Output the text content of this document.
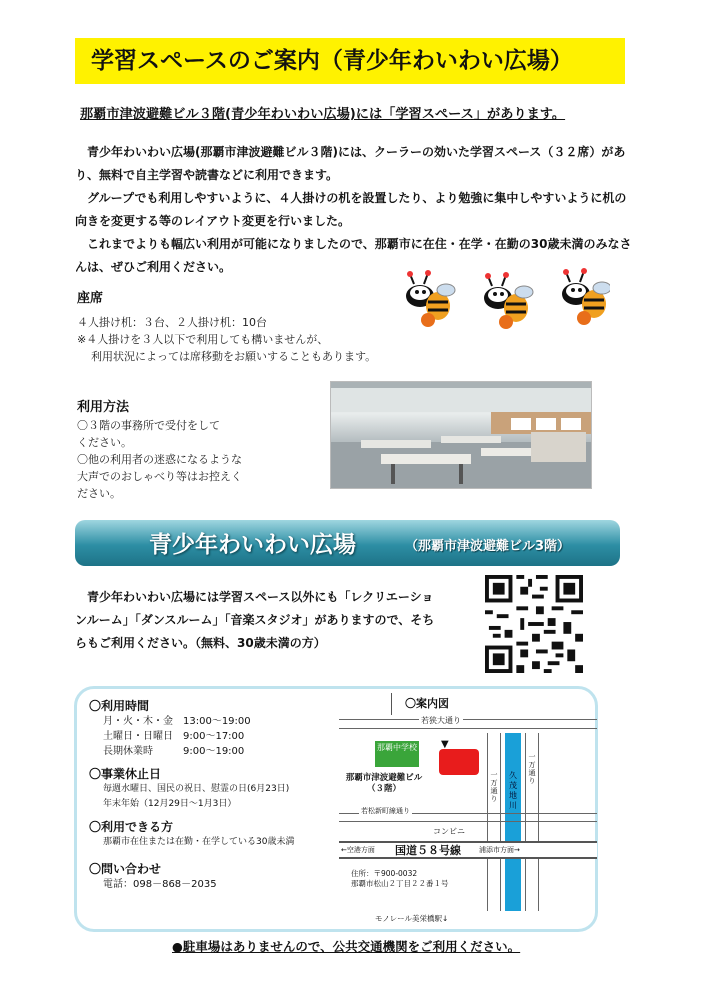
学習スペースのご案内（青少年わいわい広場）
那覇市津波避難ビル３階(青少年わいわい広場)には「学習スペース」があります。

青少年わいわい広場(那覇市津波避難ビル３階)には、クーラーの効いた学習スペース（３２席）があり、無料で自主学習や読書などに利用できます。

グループでも利用しやすいように、４人掛けの机を設置したり、より勉強に集中しやすいように机の向きを変更する等のレイアウト変更を行いました。

これまでよりも幅広い利用が可能になりましたので、那覇市に在住・在学・在勤の30歳未満のみなさんは、ぜひご利用ください。

座席
４人掛け机：３台、２人掛け机：10台
※４人掛けを３人以下で利用しても構いませんが、
利用状況によっては席移動をお願いすることもあります。
利用方法
〇３階の事務所で受付をして
ください。
〇他の利用者の迷惑になるような
大声でのおしゃべり等はお控えく
ださい。
青少年わいわい広場	（那覇市津波避難ビル3階）
青少年わいわい広場には学習スペース以外にも「レクリエーションルーム」「ダンスルーム」「音楽スタジオ」がありますので、そちらもご利用ください。（無料、30歳未満の方）
〇利用時間
月・火・木・金 13:00～19:00
土曜日・日曜日 9:00～17:00
長期休業時	9:00～19:00
〇事業休止日
毎週水曜日、国民の祝日、慰霊の日(6月23日)
年末年始（12月29日～1月3日）
〇利用できる方
那覇市在住または在勤・在学している30歳未満
〇問い合わせ
電話：098－868－2035
〇案内図
若狭大通り
那覇中学校 ▼
那覇市津波避難ビル
（３階）
一万通り
久茂地川
一万通り
若松新町線通り
コンビニ
←空港方面 国道５８号線	浦添市方面→
住所：〒900-0032
那覇市松山２丁目２２番１号
モノレール美栄橋駅↓
●駐車場はありませんので、公共交通機関をご利用ください。
